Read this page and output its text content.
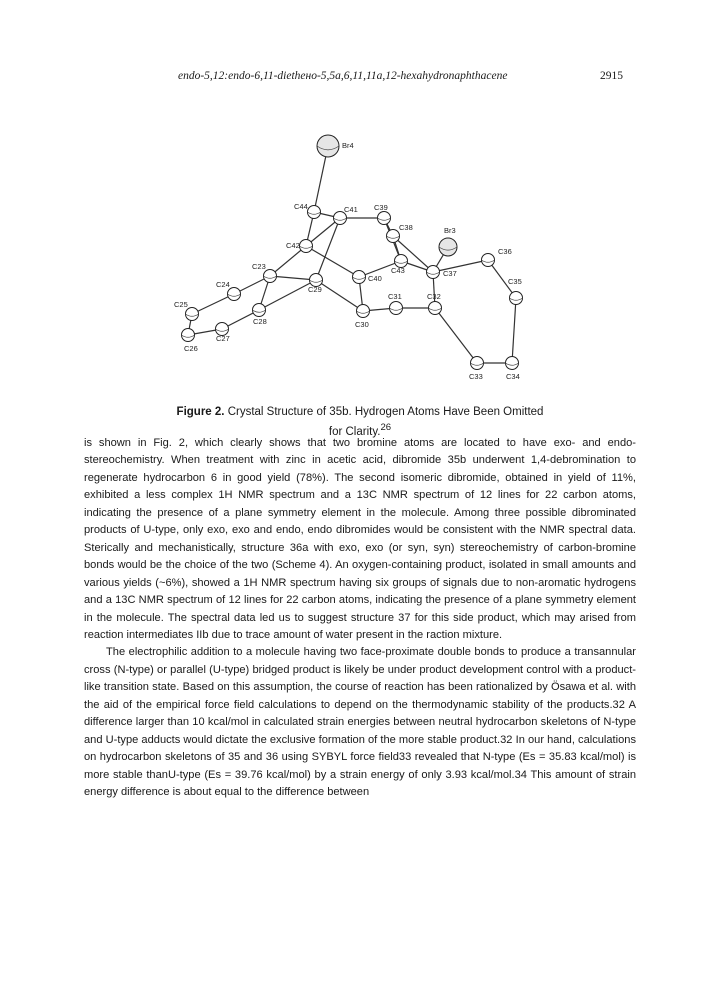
endo-5,12:endo-6,11-diethено-5,5a,6,11,11a,12-hexahydronaphthacene	2915
Br4
C44	C41 C39
C38	Br3
C42
C36
C43
C23
C37
C24
C40	C35
C29
C25
C28	C30
C31	C32
C27
C26
C33	C34
Figure 2. Crystal Structure of 35b. Hydrogen Atoms Have Been Omitted for Clarity.$^{26}$

is shown in Fig. 2, which clearly shows that two bromine atoms are located to have exo- and endo-stereochemistry. When treatment with zinc in acetic acid, dibromide 35b underwent 1,4-debromination to regenerate hydrocarbon 6 in good yield (78%). The second isomeric dibromide, obtained in yield of 11%, exhibited a less complex 1H NMR spectrum and a 13C NMR spectrum of 12 lines for 22 carbon atoms, indicating the presence of a plane symmetry element in the molecule. Among three possible dibrominated products of U-type, only exo, exo and endo, endo dibromides would be consistent with the NMR spectral data. Sterically and mechanistically, structure 36a with exo, exo (or syn, syn) stereochemistry of carbon-bromine bonds would be the choice of the two (Scheme 4). An oxygen-containing product, isolated in small amounts and various yields (~6%), showed a 1H NMR spectrum having six groups of signals due to non-aromatic hydrogens and a 13C NMR spectrum of 12 lines for 22 carbon atoms, indicating the presence of a plane symmetry element in the molecule. The spectral data led us to suggest structure 37 for this side product, which may arised from reaction intermediates IIb due to trace amount of water present in the raction mixture.

The electrophilic addition to a molecule having two face-proximate double bonds to produce a transannular cross (N-type) or parallel (U-type) bridged product is likely be under product development control with a product-like transition state. Based on this assumption, the course of reaction has been rationalized by Ösawa et al. with the aid of the empirical force field calculations to depend on the thermodynamic stability of the products.32 A difference larger than 10 kcal/mol in calculated strain energies between neutral hydrocarbon skeletons of N-type and U-type adducts would dictate the exclusive formation of the more stable product.32 In our hand, calculations on hydrocarbon skeletons of 35 and 36 using SYBYL force field33 revealed that N-type (Es = 35.83 kcal/mol) is more stable thanU-type (Es = 39.76 kcal/mol) by a strain energy of only 3.93 kcal/mol.34 This amount of strain energy difference is about equal to the difference between
